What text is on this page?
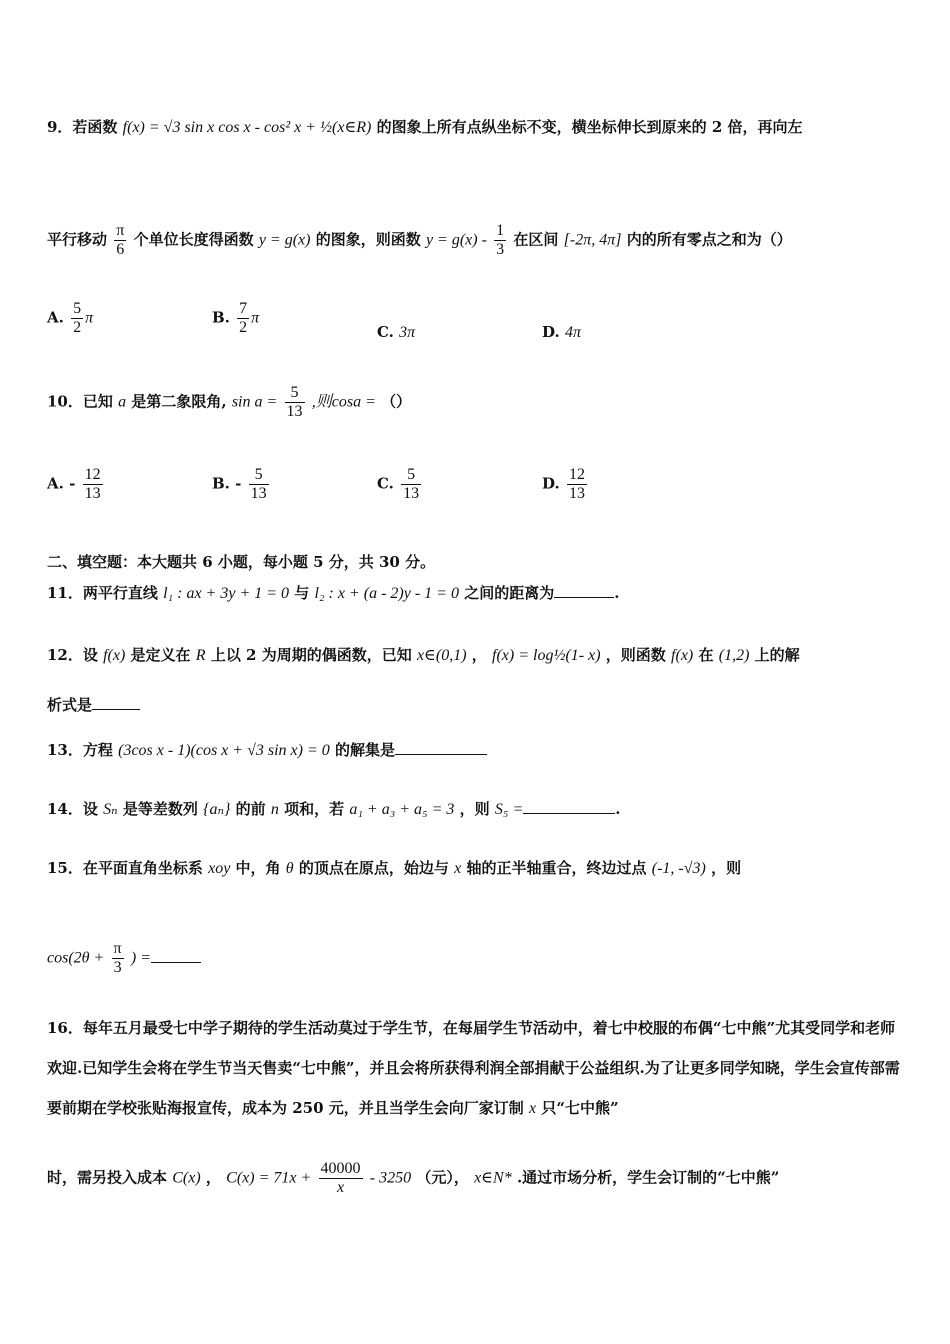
9．若函数 f(x) = √3 sin x cos x - cos² x + ½(x∈R) 的图象上所有点纵坐标不变，横坐标伸长到原来的 2 倍，再向左
平行移动 $\frac{\pi}{6}$ 个单位长度得函数 y = g(x) 的图象，则函数 $y = g(x) - \frac{1}{3}$ 在区间 [-2π, 4π] 内的所有零点之和为（）
A. $\frac{5}{2}$ π	B. $\frac{7}{2}$ π
C. 3π	D. 4π
10．已知 a 是第二象限角, $\sin a = \frac{5}{13}$ ,则cosa = （）
A. - $\frac{12}{13}$	B. - $\frac{5}{13}$	C. $\frac{5}{13}$	D. $\frac{12}{13}$
二、填空题：本大题共 6 小题，每小题 5 分，共 30 分。
11．两平行直线 l₁ : ax + 3y + 1 = 0 与 l₂ : x + (a - 2)y - 1 = 0 之间的距离为	.
12．设 f(x) 是定义在 R 上以 2 为周期的偶函数，已知 x∈(0,1) ， f(x) = log½(1- x) ，则函数 f(x) 在 (1,2) 上的解
析式是
13．方程 (3cos x - 1)(cos x + √3 sin x) = 0 的解集是
14．设 Sₙ 是等差数列 {aₙ} 的前 n 项和，若 a₁ + a₃ + a₅ = 3 ，则 S₅ =	.
15．在平面直角坐标系 xoy 中，角 θ 的顶点在原点，始边与 x 轴的正半轴重合，终边过点 (-1, -√3) ，则
$\cos(2\theta + \frac{\pi}{3}$ ) =
16．每年五月最受七中学子期待的学生活动莫过于学生节，在每届学生节活动中，着七中校服的布偶“七中熊”尤其受同学和老师欢迎.已知学生会将在学生节当天售卖“七中熊”，并且会将所获得利润全部捐献于公益组织.为了让更多同学知晓，学生会宣传部需要前期在学校张贴海报宣传，成本为 250 元，并且当学生会向厂家订制 x 只“七中熊”
时，需另投入成本 C(x) ， $C(x) = 71x + \frac{40000}{x} - 3250$ （元）， x∈N* .通过市场分析，学生会订制的“七中熊”
